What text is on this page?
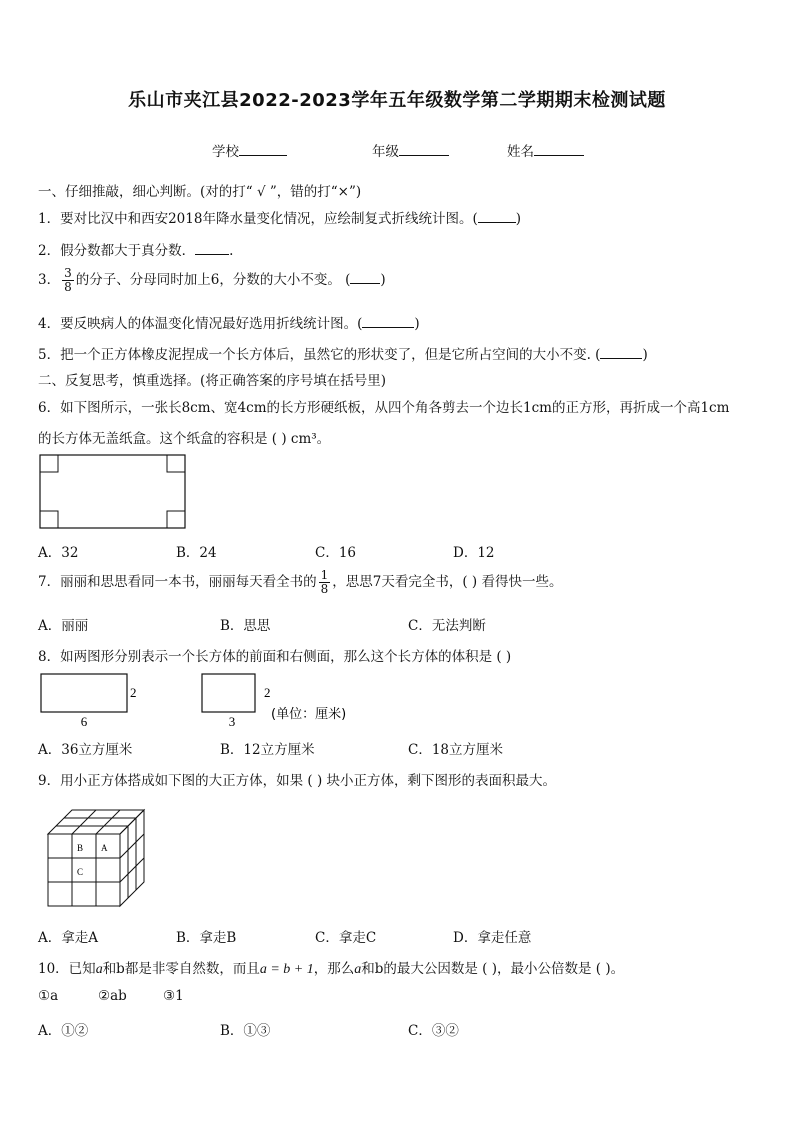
乐山市夹江县2022-2023学年五年级数学第二学期期末检测试题
学校	年级	姓名
一、仔细推敲，细心判断。(对的打“ √ ”，错的打“×”)
1．要对比汉中和西安2018年降水量变化情况，应绘制复式折线统计图。(	)
2．假分数都大于真分数．	.
3． $\frac{3}{8}$ 的分子、分母同时加上6，分数的大小不变。 ( )
4．要反映病人的体温变化情况最好选用折线统计图。(	)
5．把一个正方体橡皮泥捏成一个长方体后，虽然它的形状变了，但是它所占空间的大小不变. (	)
二、反复思考，慎重选择。(将正确答案的序号填在括号里)
6．如下图所示，一张长8cm、宽4cm的长方形硬纸板，从四个角各剪去一个边长1cm的正方形，再折成一个高1cm
的长方体无盖纸盒。这个纸盒的容积是 ( ) cm³。
A．32	B．24	C．16	D．12
7．丽丽和思思看同一本书，丽丽每天看全书的 $\frac{1}{8}$ ，思思7天看完全书，( ) 看得快一些。
A．丽丽	B．思思	C．无法判断
8．如两图形分别表示一个长方体的前面和右侧面，那么这个长方体的体积是 ( )
2
6
2
3	(单位：厘米)
A．36立方厘米	B．12立方厘米	C．18立方厘米
9．用小正方体搭成如下图的大正方体，如果 ( ) 块小正方体，剩下图形的表面积最大。
B A
C
A．拿走A	B．拿走B	C．拿走C	D．拿走任意
10．已知a和b都是非零自然数，而且a = b + 1，那么a和b的最大公因数是 ( )，最小公倍数是 ( )。
①a	②ab	③1
A．①②	B．①③	C．③②
